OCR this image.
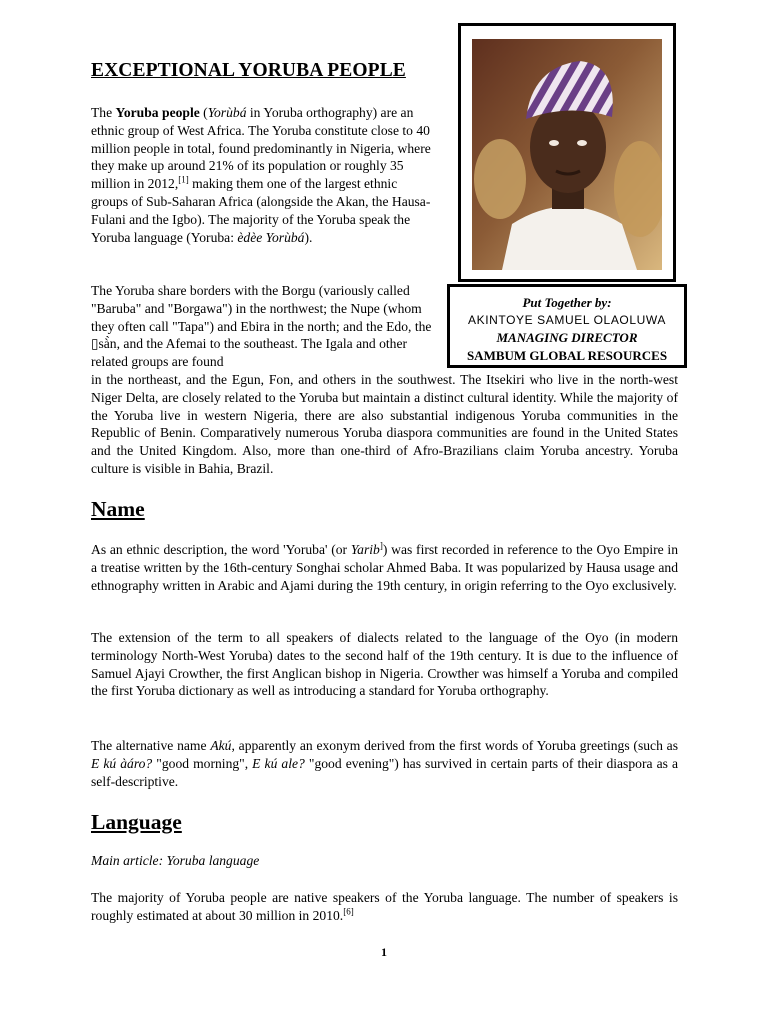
EXCEPTIONAL YORUBA PEOPLE

The Yoruba people (Yorùbá in Yoruba orthography) are an ethnic group of West Africa. The Yoruba constitute close to 40 million people in total, found predominantly in Nigeria, where they make up around 21% of its population or roughly 35 million in 2012,[1] making them one of the largest ethnic groups of Sub-Saharan Africa (alongside the Akan, the Hausa-Fulani and the Igbo). The majority of the Yoruba speak the Yoruba language (Yoruba: èdèe Yorùbá).

The Yoruba share borders with the Borgu (variously called "Baruba" and "Borgawa") in the northwest; the Nupe (whom they often call "Tapa") and Ebira in the north; and the Edo, the ▯sà̀n, and the Afemai to the southeast. The Igala and other related groups are found

in the northeast, and the Egun, Fon, and others in the southwest. The Itsekiri who live in the north-west Niger Delta, are closely related to the Yoruba but maintain a distinct cultural identity. While the majority of the Yoruba live in western Nigeria, there are also substantial indigenous Yoruba communities in the Republic of Benin. Comparatively numerous Yoruba diaspora communities are found in the United States and the United Kingdom. Also, more than one-third of Afro-Brazilians claim Yoruba ancestry. Yoruba culture is visible in Bahia, Brazil.

Put Together by:
AKINTOYE SAMUEL OLAOLUWA
MANAGING DIRECTOR
SAMBUM GLOBAL RESOURCES
Name

As an ethnic description, the word 'Yoruba' (or Yarib]) was first recorded in reference to the Oyo Empire in a treatise written by the 16th-century Songhai scholar Ahmed Baba. It was popularized by Hausa usage and ethnography written in Arabic and Ajami during the 19th century, in origin referring to the Oyo exclusively.

The extension of the term to all speakers of dialects related to the language of the Oyo (in modern terminology North-West Yoruba) dates to the second half of the 19th century. It is due to the influence of Samuel Ajayi Crowther, the first Anglican bishop in Nigeria. Crowther was himself a Yoruba and compiled the first Yoruba dictionary as well as introducing a standard for Yoruba orthography.

The alternative name Akú, apparently an exonym derived from the first words of Yoruba greetings (such as E kú àáro? "good morning", E kú ale? "good evening") has survived in certain parts of their diaspora as a self-descriptive.

Language

Main article: Yoruba language

The majority of Yoruba people are native speakers of the Yoruba language. The number of speakers is roughly estimated at about 30 million in 2010.[6]

1
